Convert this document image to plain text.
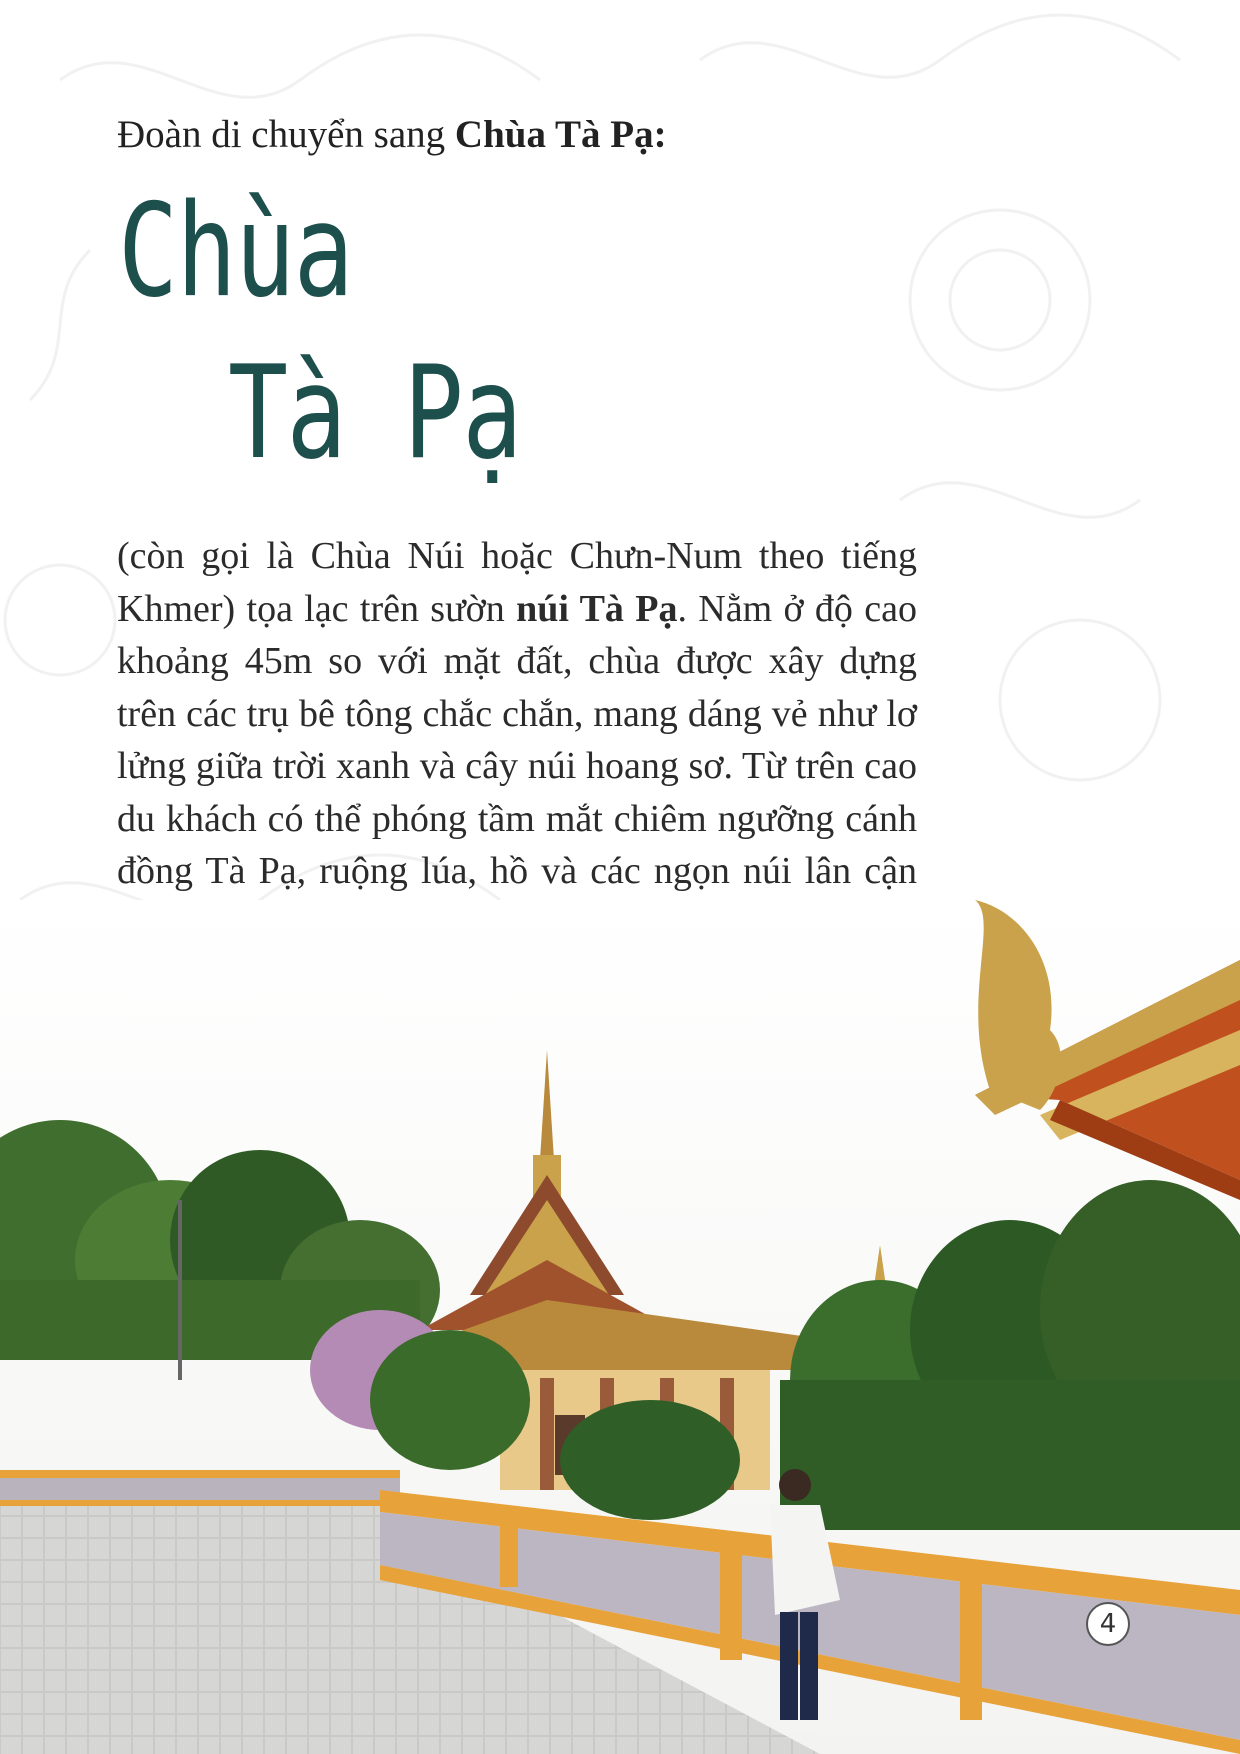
Đoàn di chuyển sang Chùa Tà Pạ:

Chùa
Tà Pạ

(còn gọi là Chùa Núi hoặc Chưn-Num theo tiếng Khmer) tọa lạc trên sườn núi Tà Pạ. Nằm ở độ cao khoảng 45m so với mặt đất, chùa được xây dựng trên các trụ bê tông chắc chắn, mang dáng vẻ như lơ lửng giữa trời xanh và cây núi hoang sơ. Từ trên cao du khách có thể phóng tầm mắt chiêm ngưỡng cánh đồng Tà Pạ, ruộng lúa, hồ và các ngọn núi lân cận

4
